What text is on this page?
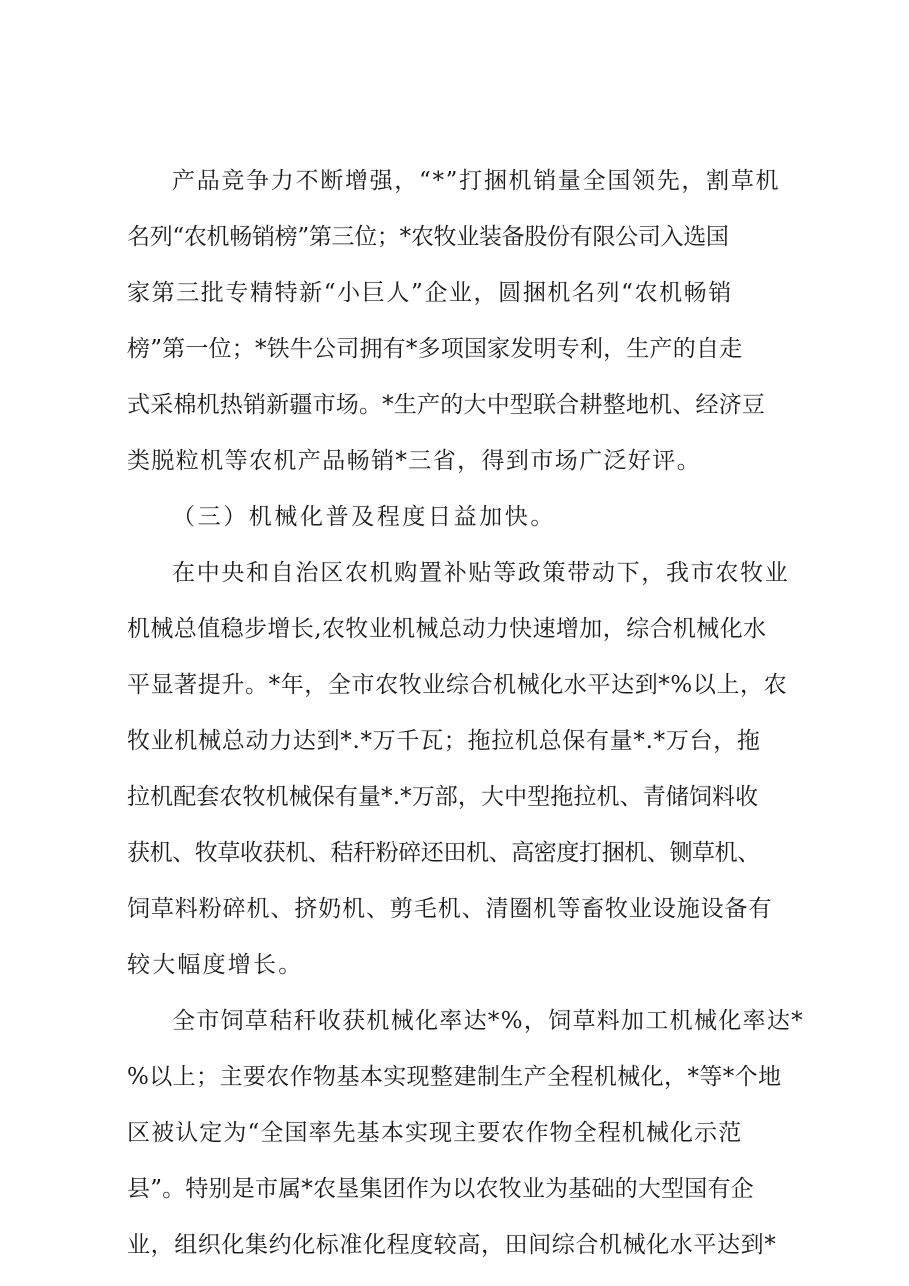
产品竞争力不断增强，“*”打捆机销量全国领先，割草机
名列“农机畅销榜”第三位；*农牧业装备股份有限公司入选国
家第三批专精特新“小巨人”企业，圆捆机名列“农机畅销
榜”第一位；*铁牛公司拥有*多项国家发明专利，生产的自走
式采棉机热销新疆市场。*生产的大中型联合耕整地机、经济豆
类脱粒机等农机产品畅销*三省，得到市场广泛好评。
（三）机械化普及程度日益加快。
在中央和自治区农机购置补贴等政策带动下，我市农牧业
机械总值稳步增长,农牧业机械总动力快速增加，综合机械化水
平显著提升。*年，全市农牧业综合机械化水平达到*%以上，农
牧业机械总动力达到*.*万千瓦；拖拉机总保有量*.*万台，拖
拉机配套农牧机械保有量*.*万部，大中型拖拉机、青储饲料收
获机、牧草收获机、秸秆粉碎还田机、高密度打捆机、铡草机、
饲草料粉碎机、挤奶机、剪毛机、清圈机等畜牧业设施设备有
较大幅度增长。
全市饲草秸秆收获机械化率达*%，饲草料加工机械化率达*
%以上；主要农作物基本实现整建制生产全程机械化，*等*个地
区被认定为“全国率先基本实现主要农作物全程机械化示范
县”。特别是市属*农垦集团作为以农牧业为基础的大型国有企
业，组织化集约化标准化程度较高，田间综合机械化水平达到*
